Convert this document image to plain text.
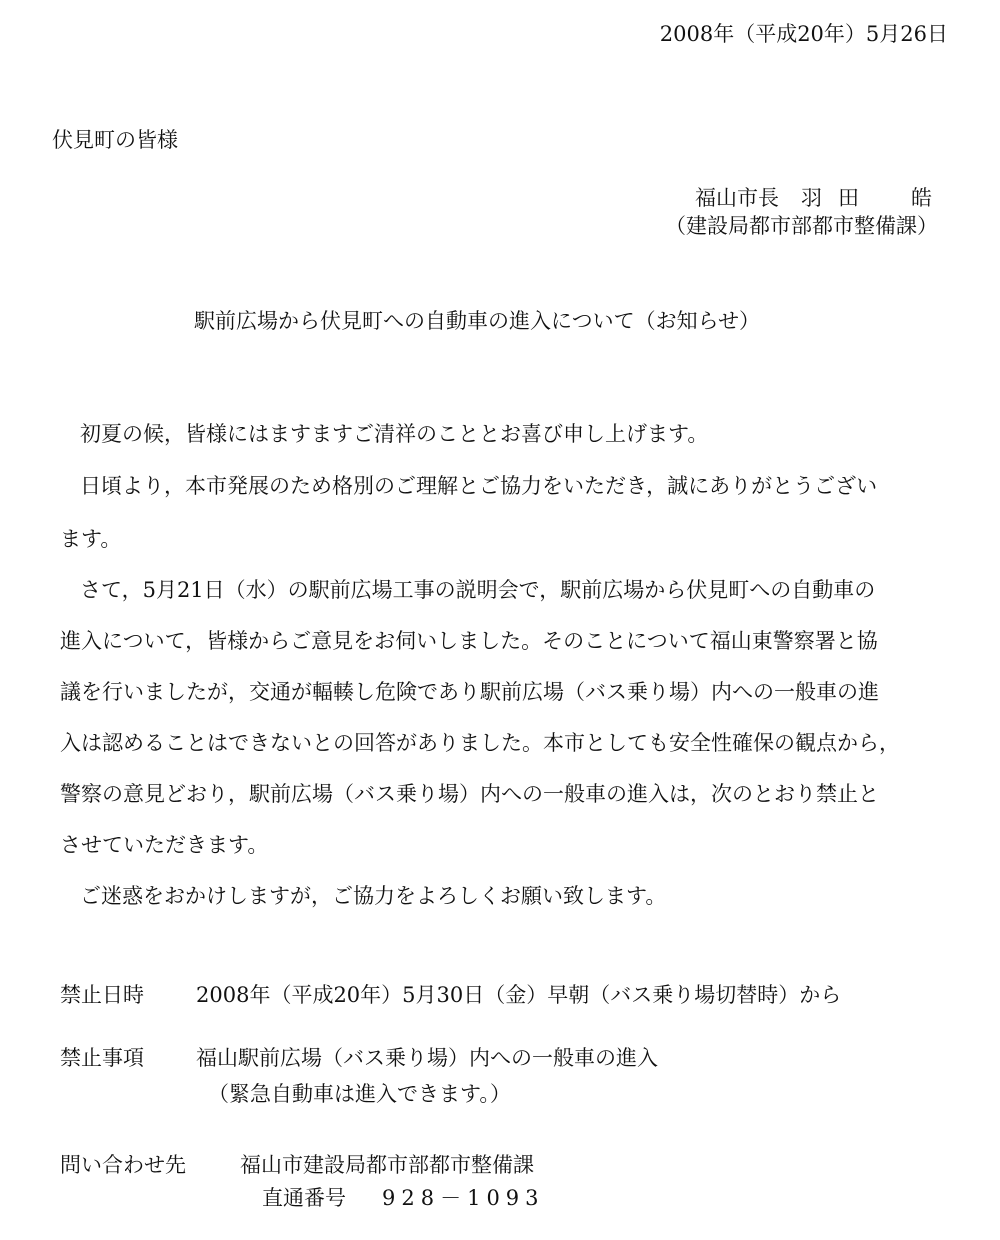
2008年（平成20年）5月26日
伏見町の皆様
福山市長 羽 田 皓
（建設局都市部都市整備課）
駅前広場から伏見町への自動車の進入について（お知らせ）
初夏の候，皆様にはますますご清祥のこととお喜び申し上げます。
日頃より，本市発展のため格別のご理解とご協力をいただき，誠にありがとうござい
ます。
さて，5月21日（水）の駅前広場工事の説明会で，駅前広場から伏見町への自動車の
進入について，皆様からご意見をお伺いしました。そのことについて福山東警察署と協
議を行いましたが，交通が輻輳し危険であり駅前広場（バス乗り場）内への一般車の進
入は認めることはできないとの回答がありました。本市としても安全性確保の観点から，
警察の意見どおり，駅前広場（バス乗り場）内への一般車の進入は，次のとおり禁止と
させていただきます。
ご迷惑をおかけしますが，ご協力をよろしくお願い致します。
禁止日時 2008年（平成20年）5月30日（金）早朝（バス乗り場切替時）から
禁止事項 福山駅前広場（バス乗り場）内への一般車の進入
（緊急自動車は進入できます。）
問い合わせ先	福山市建設局都市部都市整備課
直通番号 928－1093
